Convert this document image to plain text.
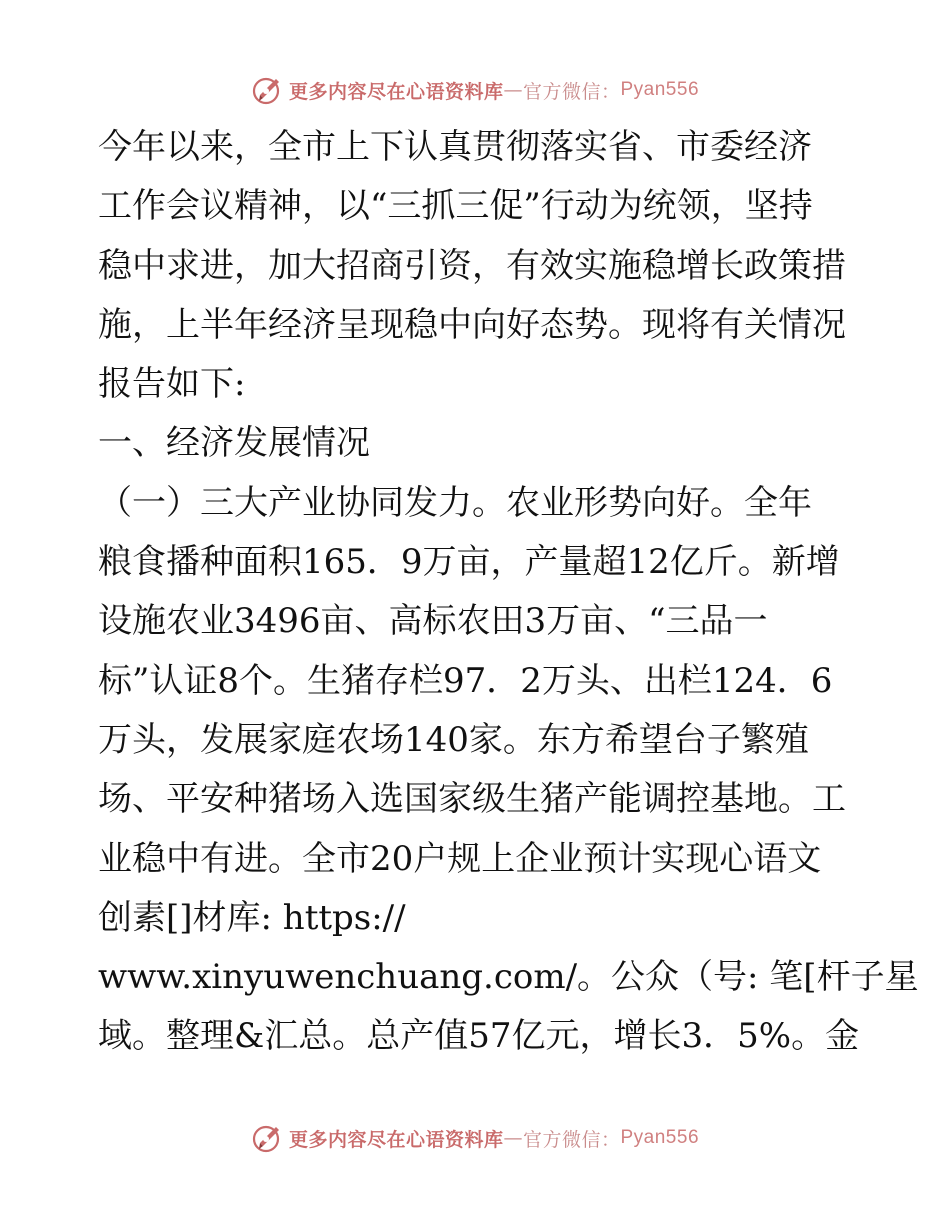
更多内容尽在心语资料库 — 官方微信： Pyan556
今年以来，全市上下认真贯彻落实省、市委经济
工作会议精神，以“三抓三促”行动为统领，坚持
稳中求进，加大招商引资，有效实施稳增长政策措
施，上半年经济呈现稳中向好态势。现将有关情况
报告如下:
一、经济发展情况
（一）三大产业协同发力。农业形势向好。全年
粮食播种面积165．9万亩，产量超12亿斤。新增
设施农业3496亩、高标农田3万亩、“三品一
标”认证8个。生猪存栏97．2万头、出栏124．6
万头，发展家庭农场140家。东方希望台子繁殖
场、平安种猪场入选国家级生猪产能调控基地。工
业稳中有进。全市20户规上企业预计实现心语文
创素[]材库: https://
www.xinyuwenchuang.com/。公众（号: 笔[杆子星
域。整理&汇总。总产值57亿元，增长3．5%。金
更多内容尽在心语资料库 — 官方微信： Pyan556
